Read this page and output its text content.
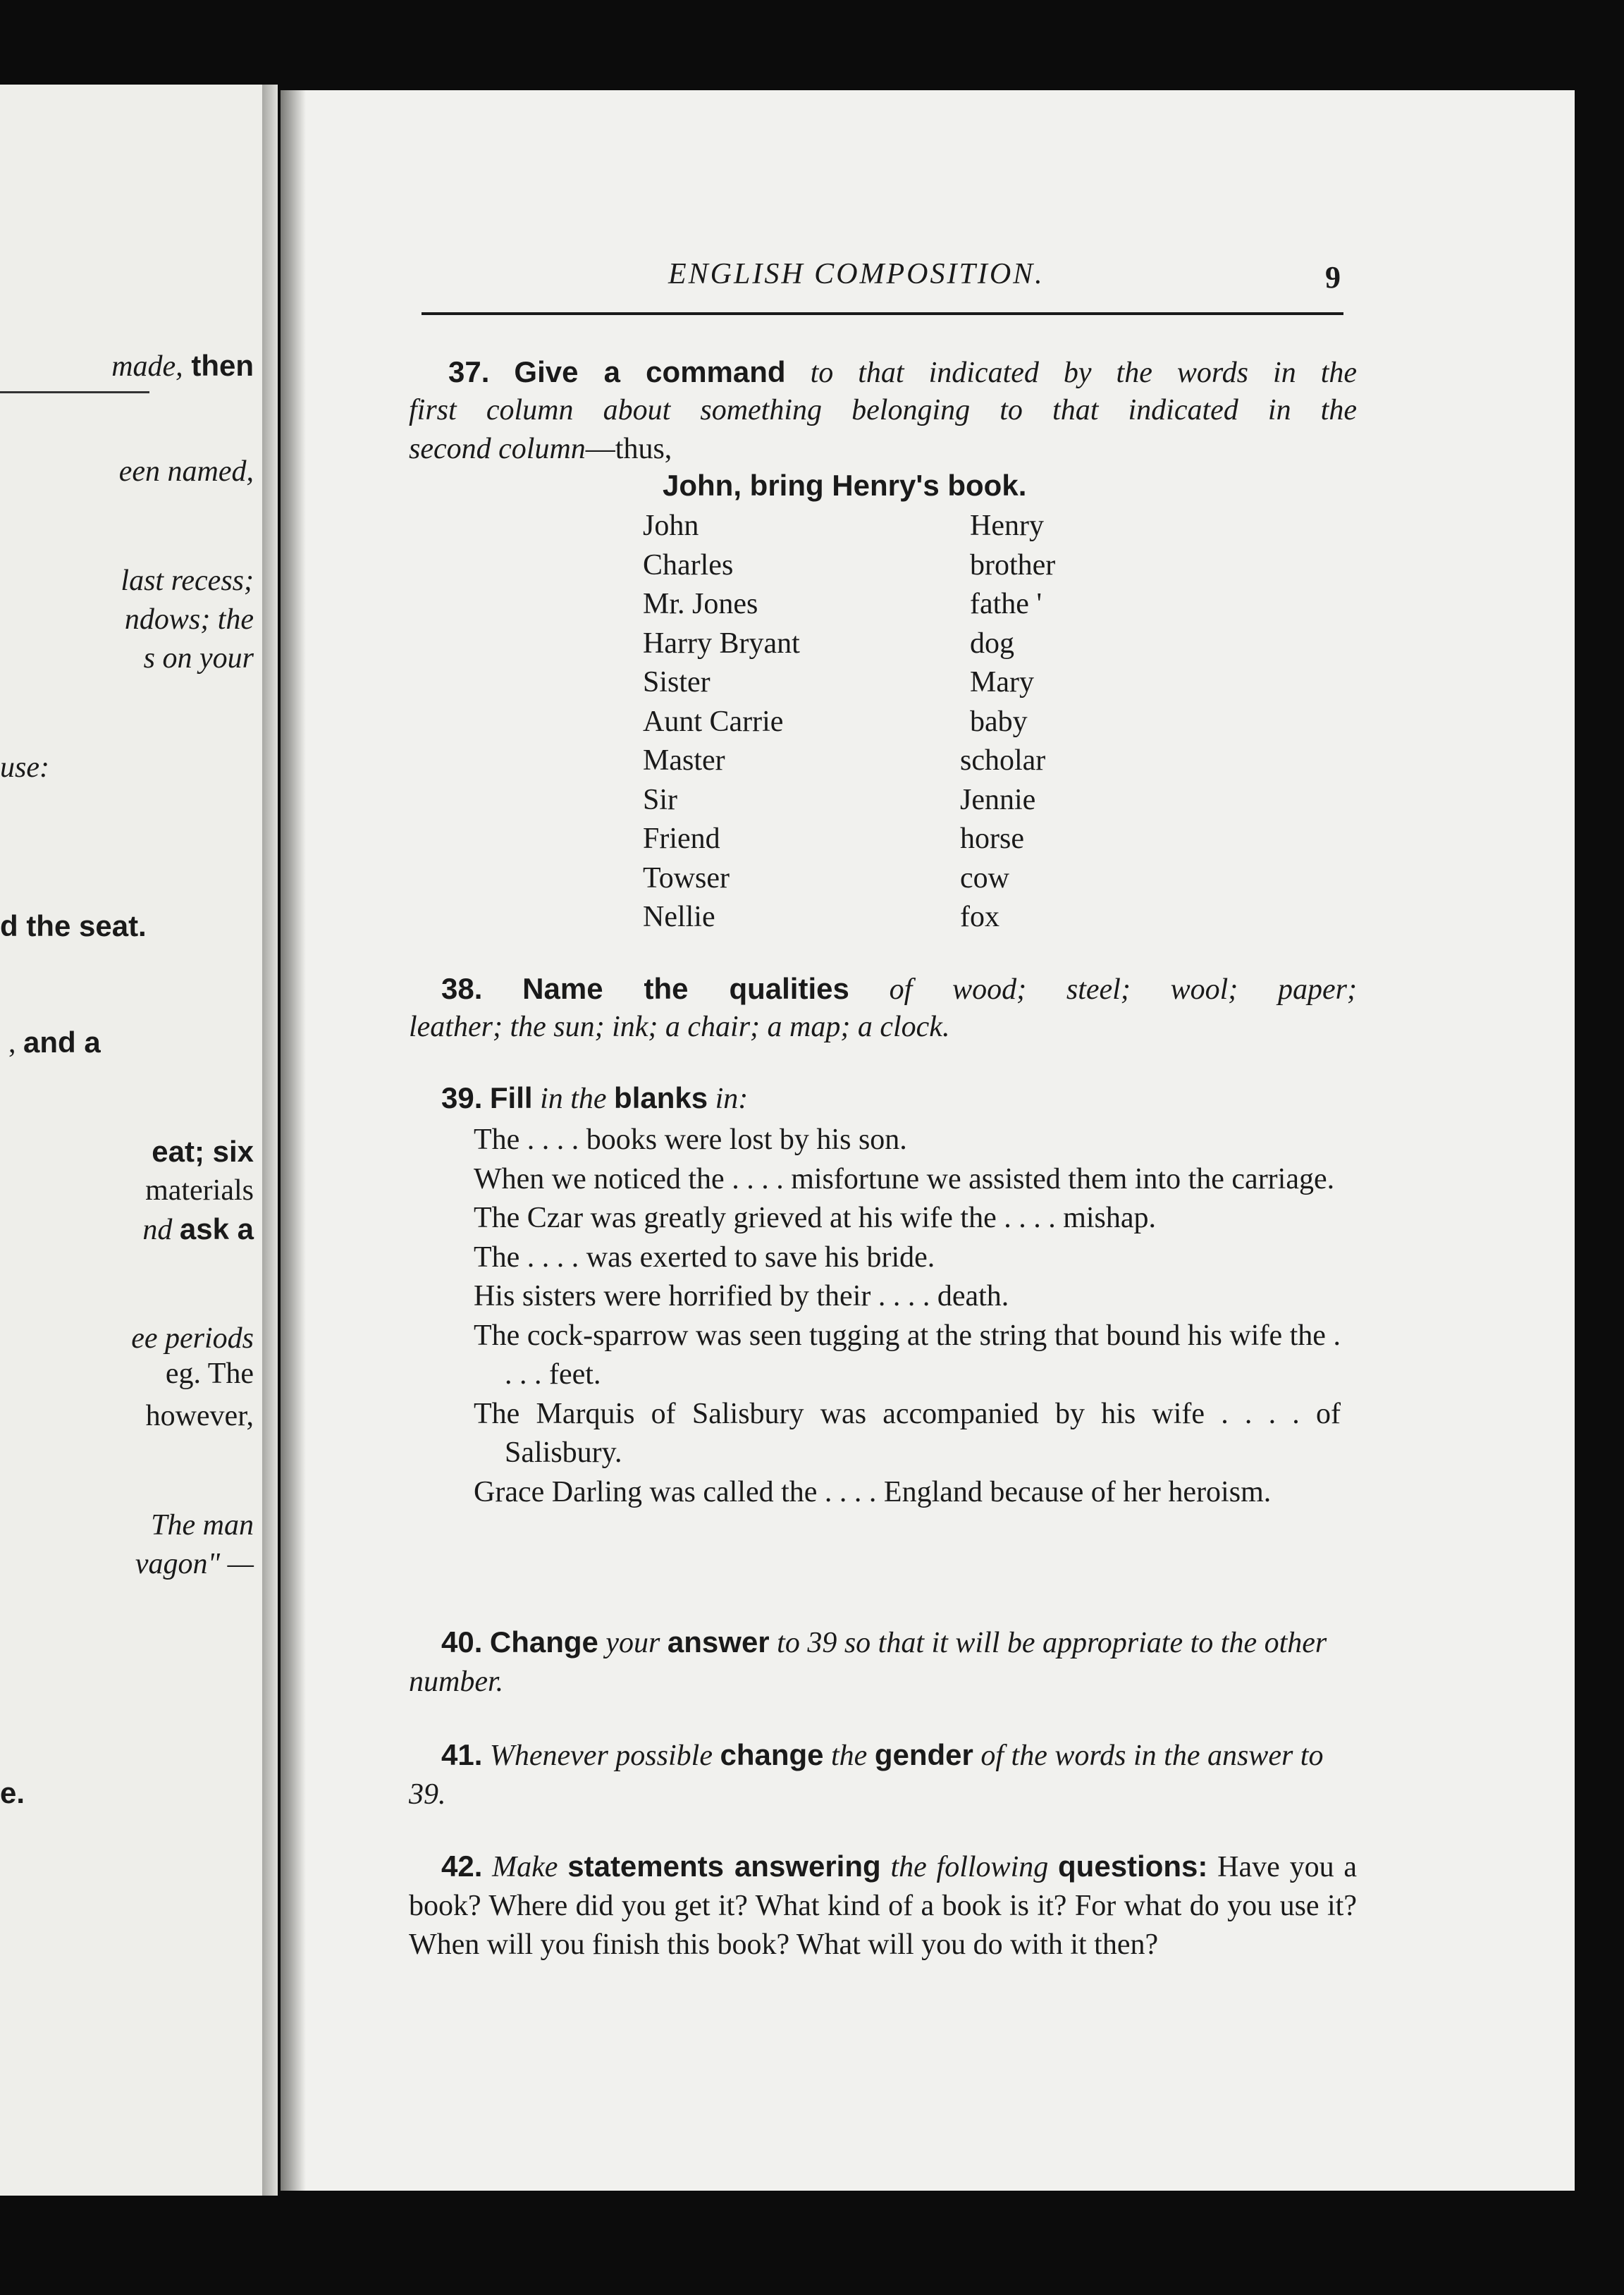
made, then
een named,
last recess;
ndows; the
s on your
use:
d the seat.
, and a
eat; six
materials
nd ask a
ee periods
eg. The
however,
The man
vagon" —
e.
ENGLISH COMPOSITION.	9
37. Give a command to that indicated by the words in the
first column about something belonging to that indicated in the
second column—thus,
John, bring Henry's book.
John	Henry
Charles	brother
Mr. Jones	fathe '
Harry Bryant	dog
Sister	Mary
Aunt Carrie	baby
Master	scholar
Sir	Jennie
Friend	horse
Towser	cow
Nellie	fox
38. Name the qualities of wood; steel; wool; paper;
leather; the sun; ink; a chair; a map; a clock.
39. Fill in the blanks in:
The . . . . books were lost by his son.
When we noticed the . . . . misfortune we assisted them into the carriage.
The Czar was greatly grieved at his wife the . . . . mishap.
The . . . . was exerted to save his bride.
His sisters were horrified by their . . . . death.
The cock-sparrow was seen tugging at the string that bound his wife the . . . . feet.
The Marquis of Salisbury was accompanied by his wife . . . . of Salisbury.
Grace Darling was called the . . . . England because of her heroism.
40. Change your answer to 39 so that it will be appropriate to the other number.
41. Whenever possible change the gender of the words in the answer to 39.
42. Make statements answering the following questions: Have you a book? Where did you get it? What kind of a book is it? For what do you use it? When will you finish this book? What will you do with it then?
